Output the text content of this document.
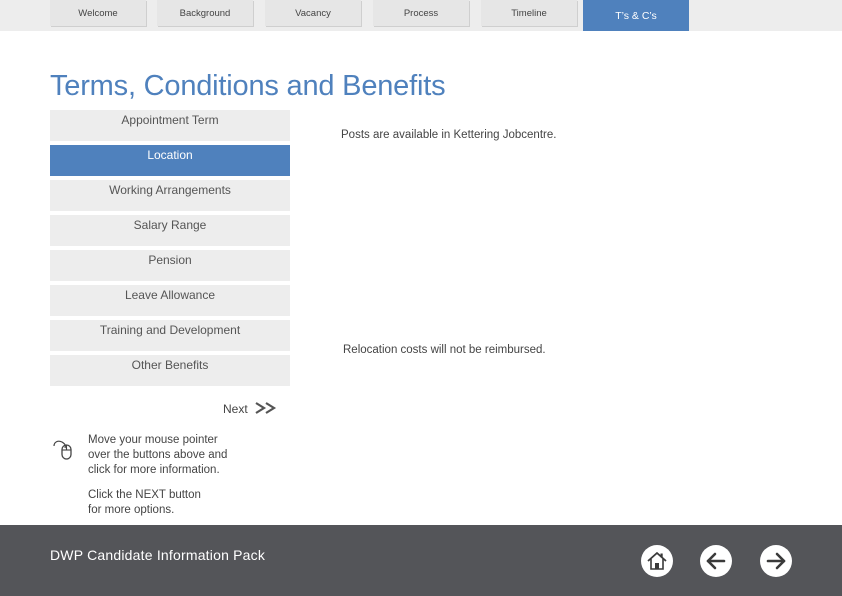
Welcome	Background	Vacancy	Process	Timeline	T’s & C’s
Terms, Conditions and Benefits
Appointment Term
Location
Working Arrangements
Salary Range
Pension
Leave Allowance
Training and Development
Other Benefits
Posts are available in Kettering Jobcentre.
Relocation costs will not be reimbursed.
Next
Move your mouse pointer
over the buttons above and
click for more information.
Click the NEXT button
for more options.
DWP Candidate Information Pack
